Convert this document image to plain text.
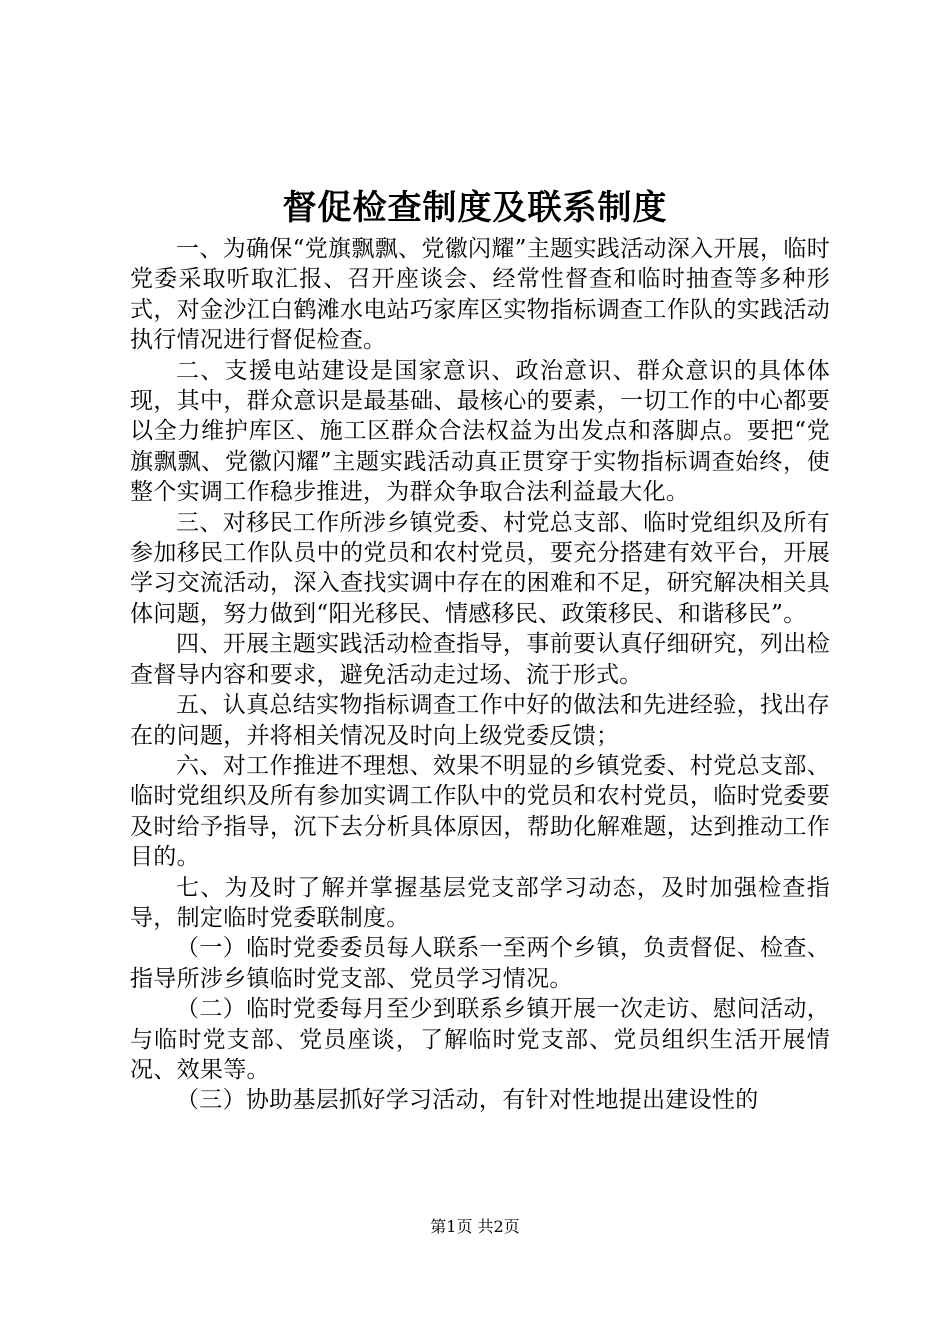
督促检查制度及联系制度

一、为确保“党旗飘飘、党徽闪耀”主题实践活动深入开展，临时党委采取听取汇报、召开座谈会、经常性督查和临时抽查等多种形式，对金沙江白鹤滩水电站巧家库区实物指标调查工作队的实践活动执行情况进行督促检查。

二、支援电站建设是国家意识、政治意识、群众意识的具体体现，其中，群众意识是最基础、最核心的要素，一切工作的中心都要以全力维护库区、施工区群众合法权益为出发点和落脚点。要把“党旗飘飘、党徽闪耀”主题实践活动真正贯穿于实物指标调查始终，使整个实调工作稳步推进，为群众争取合法利益最大化。

三、对移民工作所涉乡镇党委、村党总支部、临时党组织及所有参加移民工作队员中的党员和农村党员，要充分搭建有效平台，开展学习交流活动，深入查找实调中存在的困难和不足，研究解决相关具体问题，努力做到“阳光移民、情感移民、政策移民、和谐移民”。

四、开展主题实践活动检查指导，事前要认真仔细研究，列出检查督导内容和要求，避免活动走过场、流于形式。

五、认真总结实物指标调查工作中好的做法和先进经验，找出存在的问题，并将相关情况及时向上级党委反馈；

六、对工作推进不理想、效果不明显的乡镇党委、村党总支部、临时党组织及所有参加实调工作队中的党员和农村党员，临时党委要及时给予指导，沉下去分析具体原因，帮助化解难题，达到推动工作目的。

七、为及时了解并掌握基层党支部学习动态，及时加强检查指导，制定临时党委联制度。

（一）临时党委委员每人联系一至两个乡镇，负责督促、检查、指导所涉乡镇临时党支部、党员学习情况。

（二）临时党委每月至少到联系乡镇开展一次走访、慰问活动，与临时党支部、党员座谈，了解临时党支部、党员组织生活开展情况、效果等。

（三）协助基层抓好学习活动，有针对性地提出建设性的

第1页 共2页
